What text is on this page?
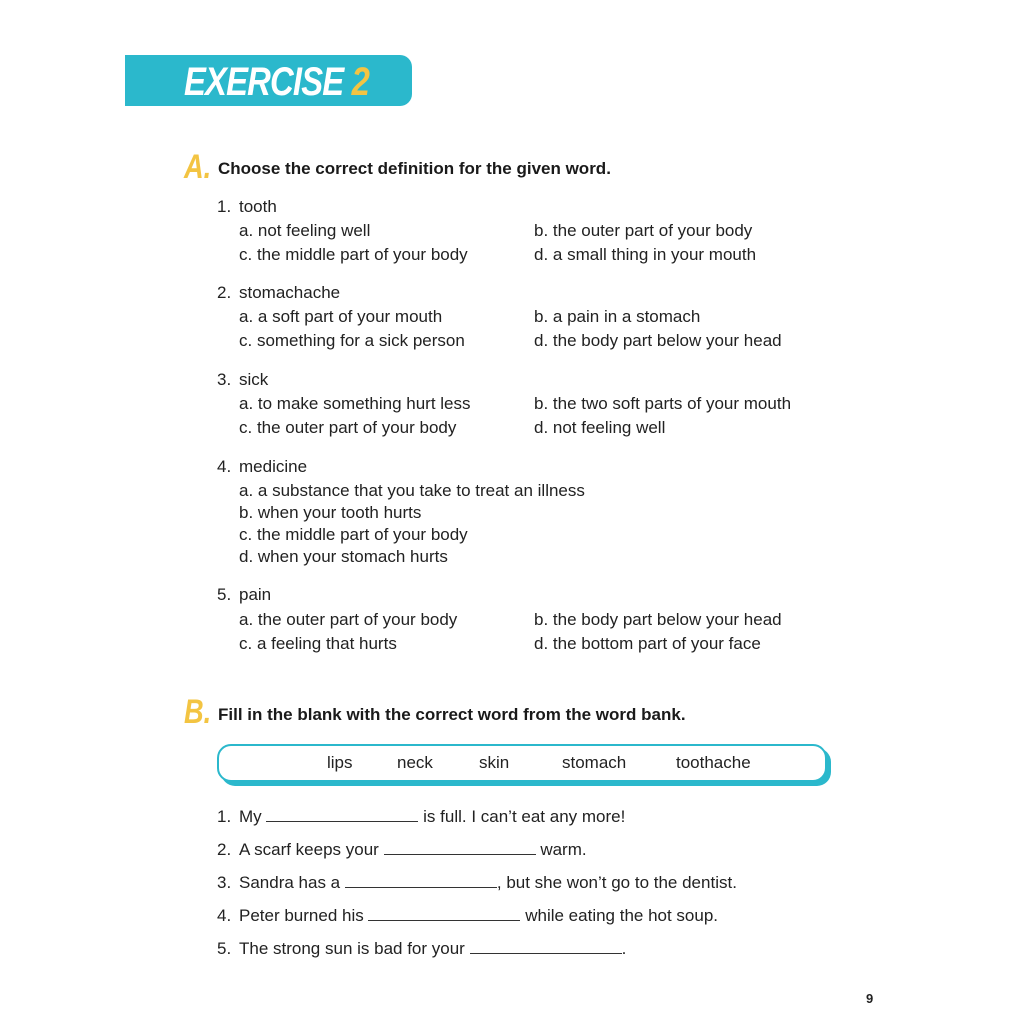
EXERCISE 2
A. Choose the correct definition for the given word.
1. tooth
a. not feeling well	b. the outer part of your body
c. the middle part of your body	d. a small thing in your mouth
2. stomachache
a. a soft part of your mouth	b. a pain in a stomach
c. something for a sick person	d. the body part below your head
3. sick
a. to make something hurt less	b. the two soft parts of your mouth
c. the outer part of your body	d. not feeling well
4. medicine
a. a substance that you take to treat an illness
b. when your tooth hurts
c. the middle part of your body
d. when your stomach hurts
5. pain
a. the outer part of your body	b. the body part below your head
c. a feeling that hurts	d. the bottom part of your face
B. Fill in the blank with the correct word from the word bank.
lips	neck	skin	stomach	toothache
1. My	is full. I can’t eat any more!
2. A scarf keeps your	warm.
3. Sandra has a	, but she won’t go to the dentist.
4. Peter burned his	while eating the hot soup.
5. The strong sun is bad for your	.
9
